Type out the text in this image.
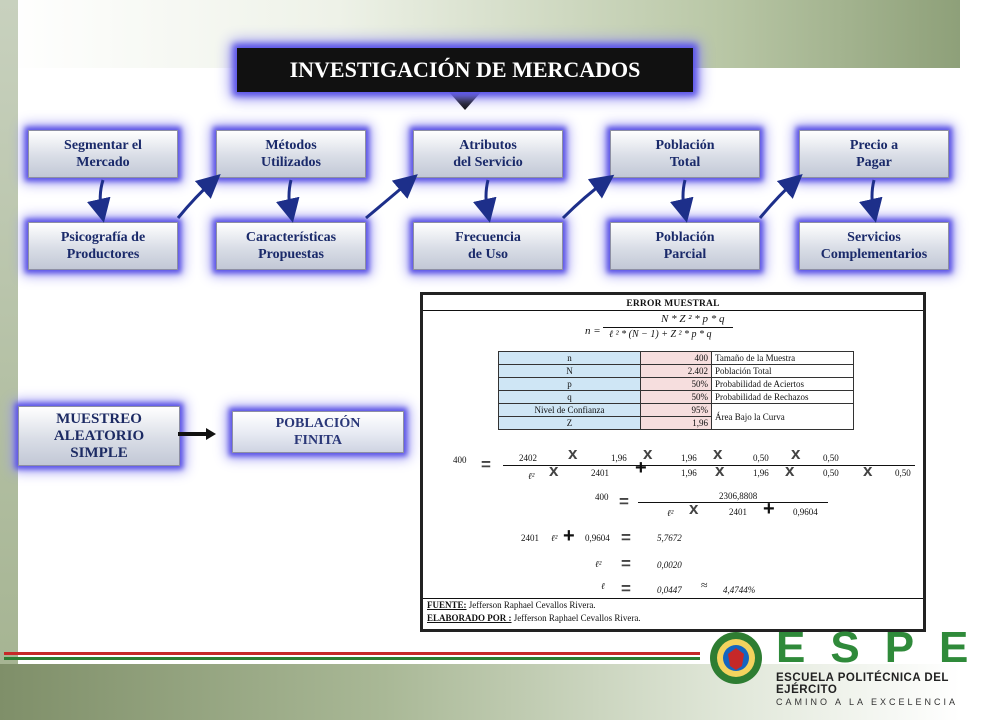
INVESTIGACIÓN DE MERCADOS
Segmentar el
Mercado
Métodos
Utilizados
Atributos
del Servicio
Población
Total
Precio a
Pagar
Psicografía de
Productores
Características
Propuestas
Frecuencia
de Uso
Población
Parcial
Servicios
Complementarios
MUESTREO
ALEATORIO
SIMPLE
POBLACIÓN
FINITA
ERROR MUESTRAL
n =
N * Z ² * p * q
ℓ ² * (N − 1) + Z ² * p * q
n	400	Tamaño de la Muestra
N	2.402	Población Total
p	50%	Probabilidad de Aciertos
q	50%	Probabilidad de Rechazos
Nivel de Confianza	95%	Área Bajo la Curva
Z	1,96	
400 =	2402 x	1,96 x	1,96 x	0,50 x	0,50
ℓ² x	2401 +	1,96 x	1,96 x	0,50 x	0,50
400 =	2306,8808
ℓ² x	2401 + 0,9604
2401 ℓ² + 0,9604 =	5,7672
ℓ² =	0,0020
ℓ =	0,0447 ≈ 4,4744%
FUENTE: Jefferson Raphael Cevallos Rivera.
ELABORADO POR : Jefferson Raphael Cevallos Rivera.
ESPE
ESCUELA POLITÉCNICA DEL EJÉRCITO
CAMINO A LA EXCELENCIA
